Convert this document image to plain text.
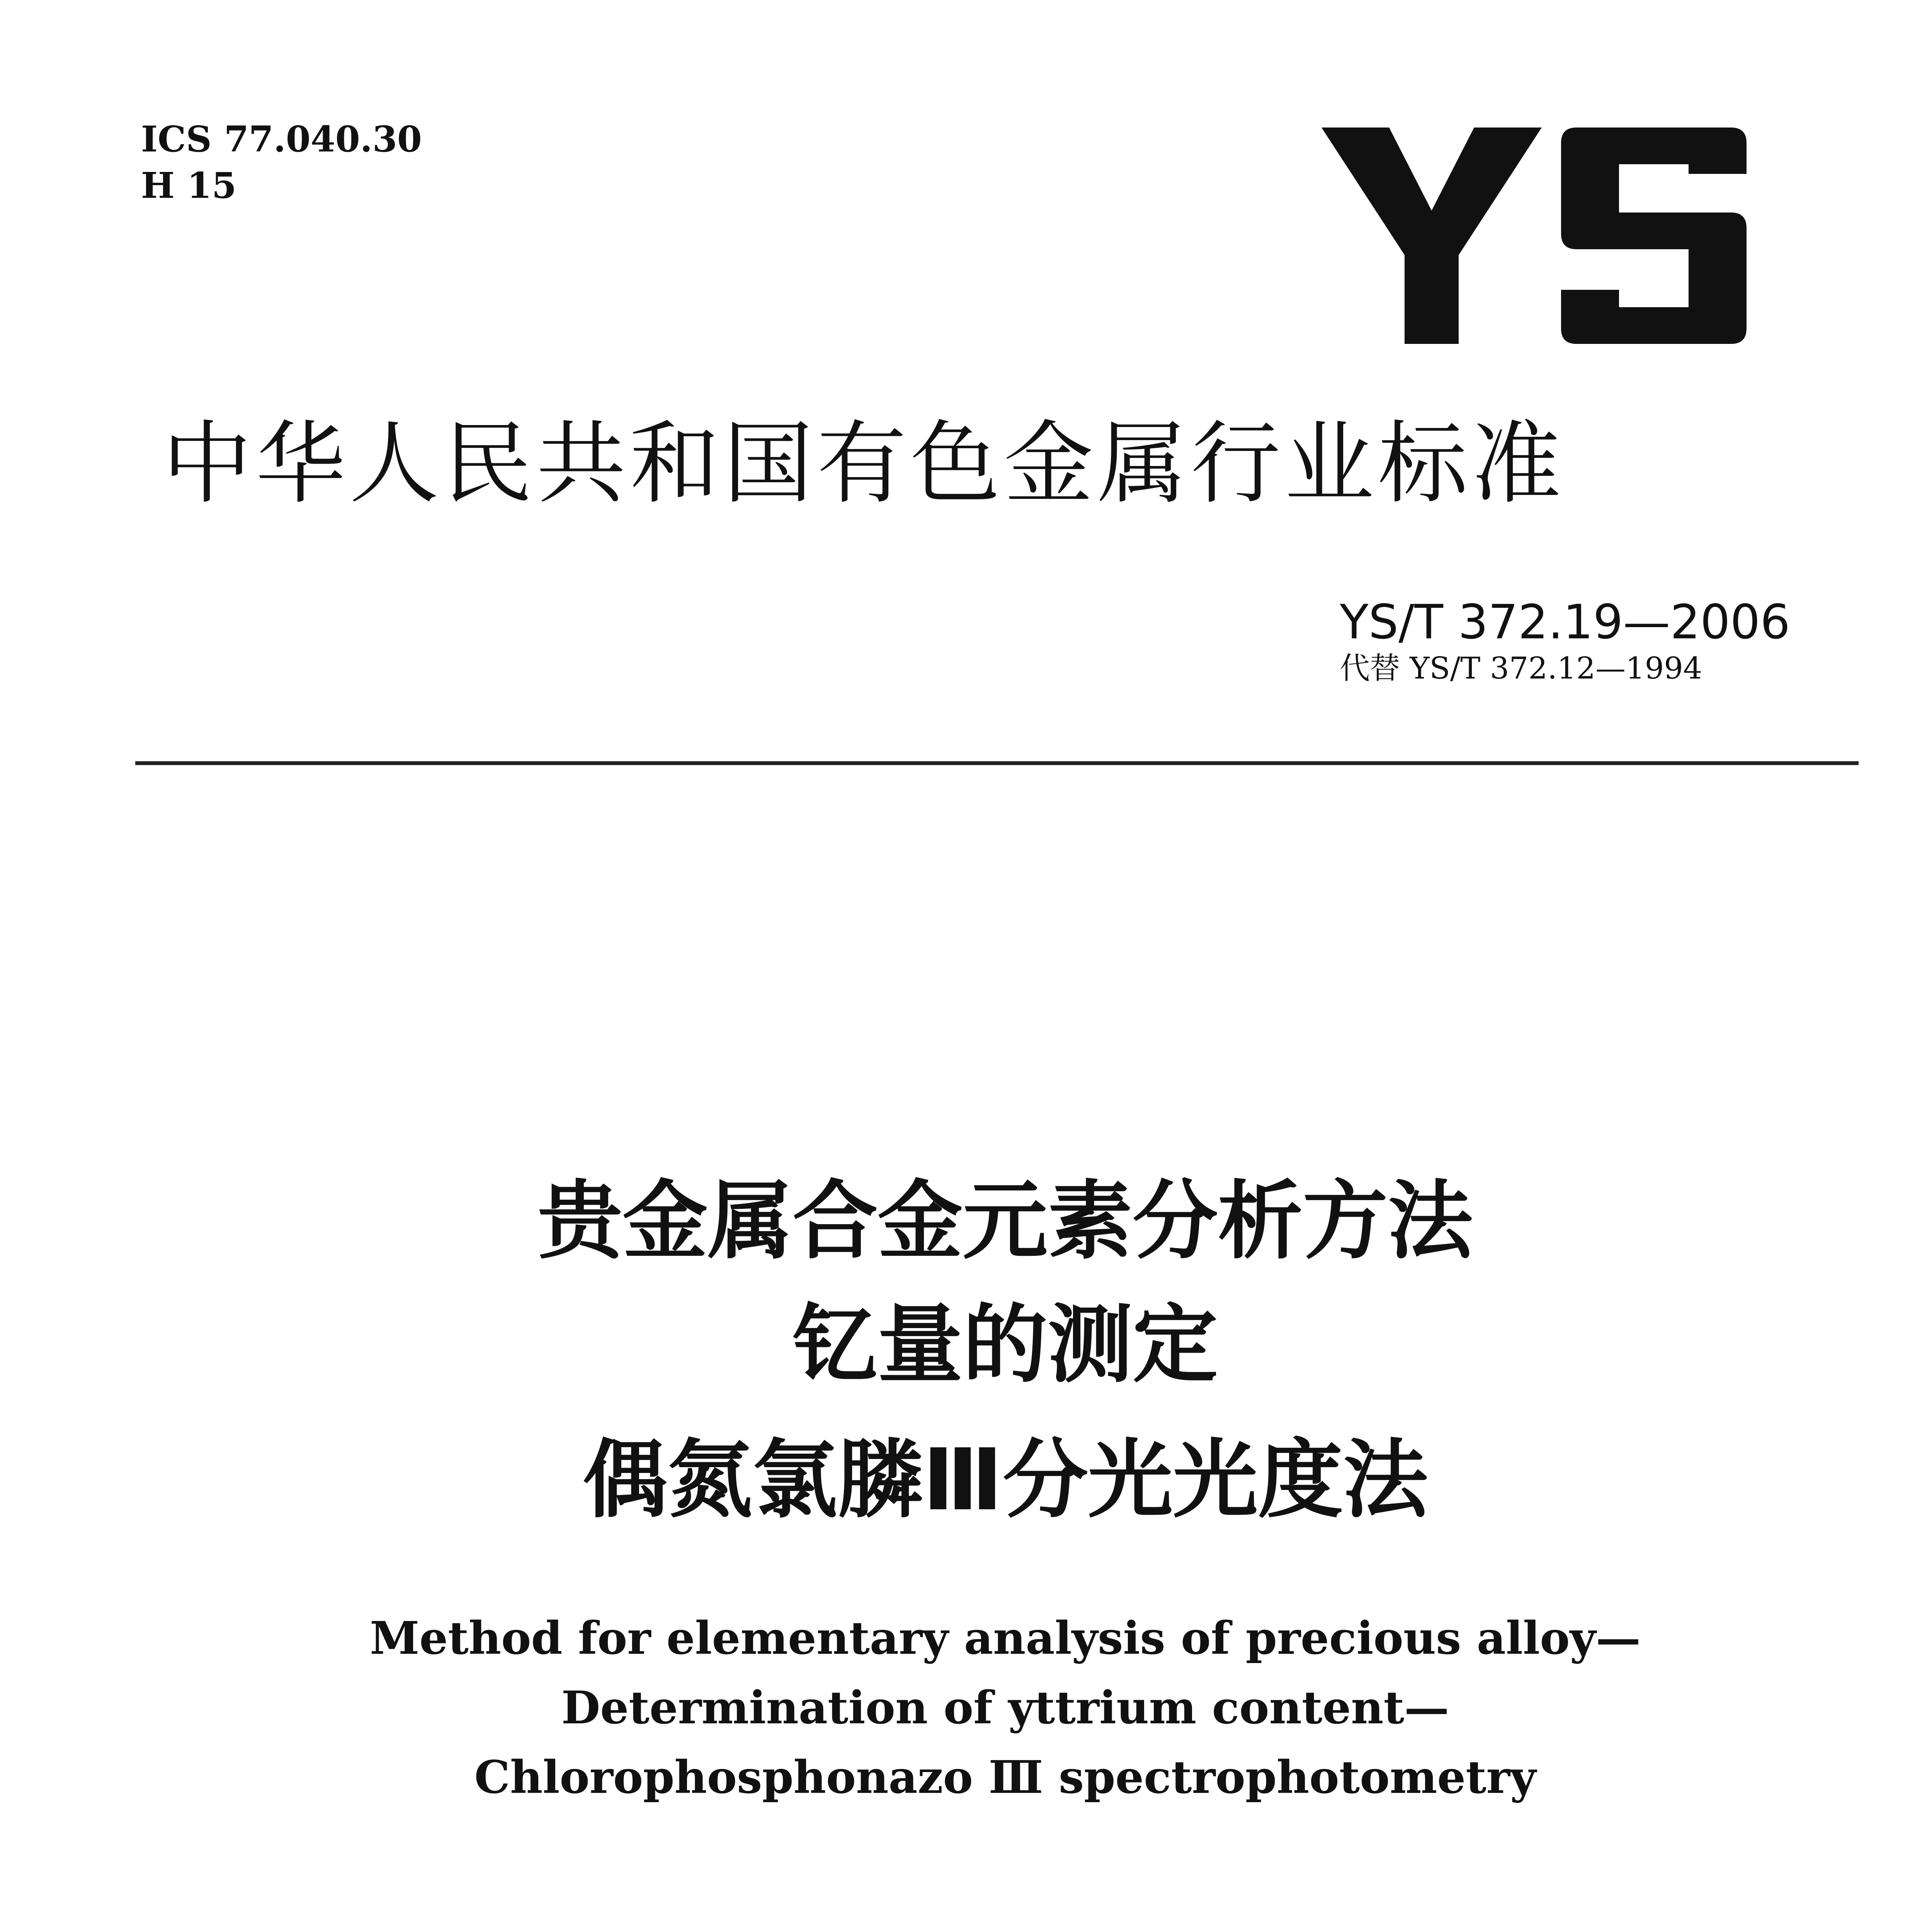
ICS 77.040.30
H 15
中华人民共和国有色金属行业标准
YS/T 372.19—2006
代替 YS/T 372.12—1994
贵金属合金元素分析方法
钇量的测定
偶氮氯膦Ⅲ分光光度法
Method for elementary analysis of precious alloy—
Determination of yttrium content—
Chlorophosphonazo Ⅲ spectrophotometry
